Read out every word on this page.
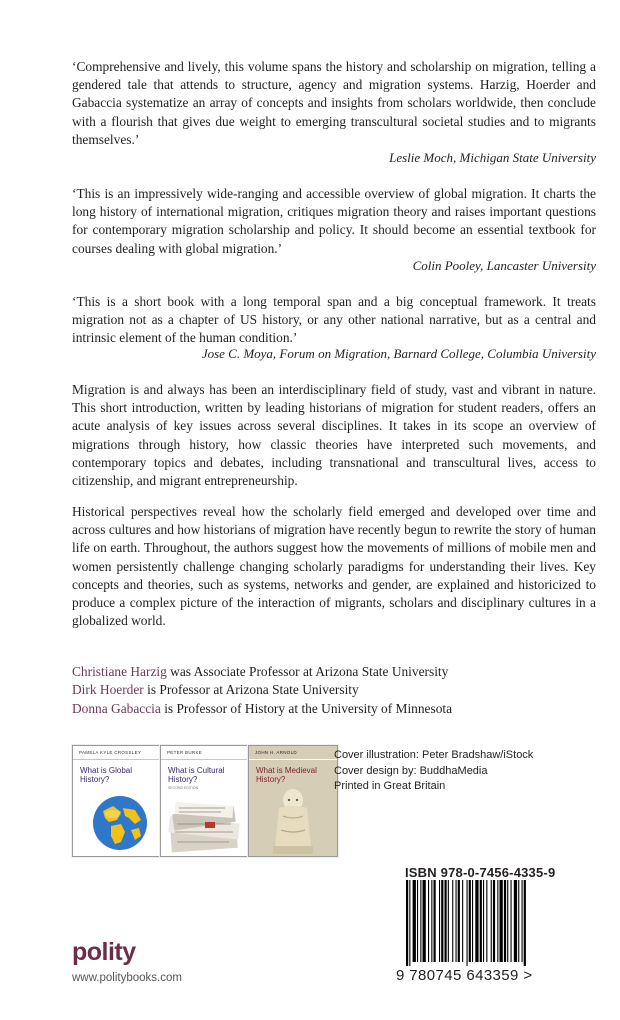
‘Comprehensive and lively, this volume spans the history and scholarship on migration, telling a gendered tale that attends to structure, agency and migration systems. Harzig, Hoerder and Gabaccia systematize an array of concepts and insights from scholars worldwide, then conclude with a flourish that gives due weight to emerging transcultural societal studies and to migrants themselves.’

Leslie Moch, Michigan State University

‘This is an impressively wide-ranging and accessible overview of global migration. It charts the long history of international migration, critiques migration theory and raises important questions for contemporary migration scholarship and policy. It should become an essential textbook for courses dealing with global migration.’

Colin Pooley, Lancaster University

‘This is a short book with a long temporal span and a big conceptual framework. It treats migration not as a chapter of US history, or any other national narrative, but as a central and intrinsic element of the human condition.’

Jose C. Moya, Forum on Migration, Barnard College, Columbia University

Migration is and always has been an interdisciplinary field of study, vast and vibrant in nature. This short introduction, written by leading historians of migration for student readers, offers an acute analysis of key issues across several disciplines. It takes in its scope an overview of migrations through history, how classic theories have interpreted such movements, and contemporary topics and debates, including transnational and transcultural lives, access to citizenship, and migrant entrepreneurship.

Historical perspectives reveal how the scholarly field emerged and developed over time and across cultures and how historians of migration have recently begun to rewrite the story of human life on earth. Throughout, the authors suggest how the movements of millions of mobile men and women persistently challenge changing scholarly paradigms for understanding their lives. Key concepts and theories, such as systems, networks and gender, are explained and historicized to produce a complex picture of the interaction of migrants, scholars and disciplinary cultures in a globalized world.

Christiane Harzig was Associate Professor at Arizona State University
Dirk Hoerder is Professor at Arizona State University
Donna Gabaccia is Professor of History at the University of Minnesota
PAMELA KYLE CROSSLEY
What is Global History?
PETER BURKE
What is Cultural History?
SECOND EDITION
JOHN H. ARNOLD
What is Medieval History?
Cover illustration: Peter Bradshaw/iStock
Cover design by: BuddhaMedia
Printed in Great Britain
ISBN 978-0-7456-4335-9
9 780745 643359 >
polity
www.politybooks.com
